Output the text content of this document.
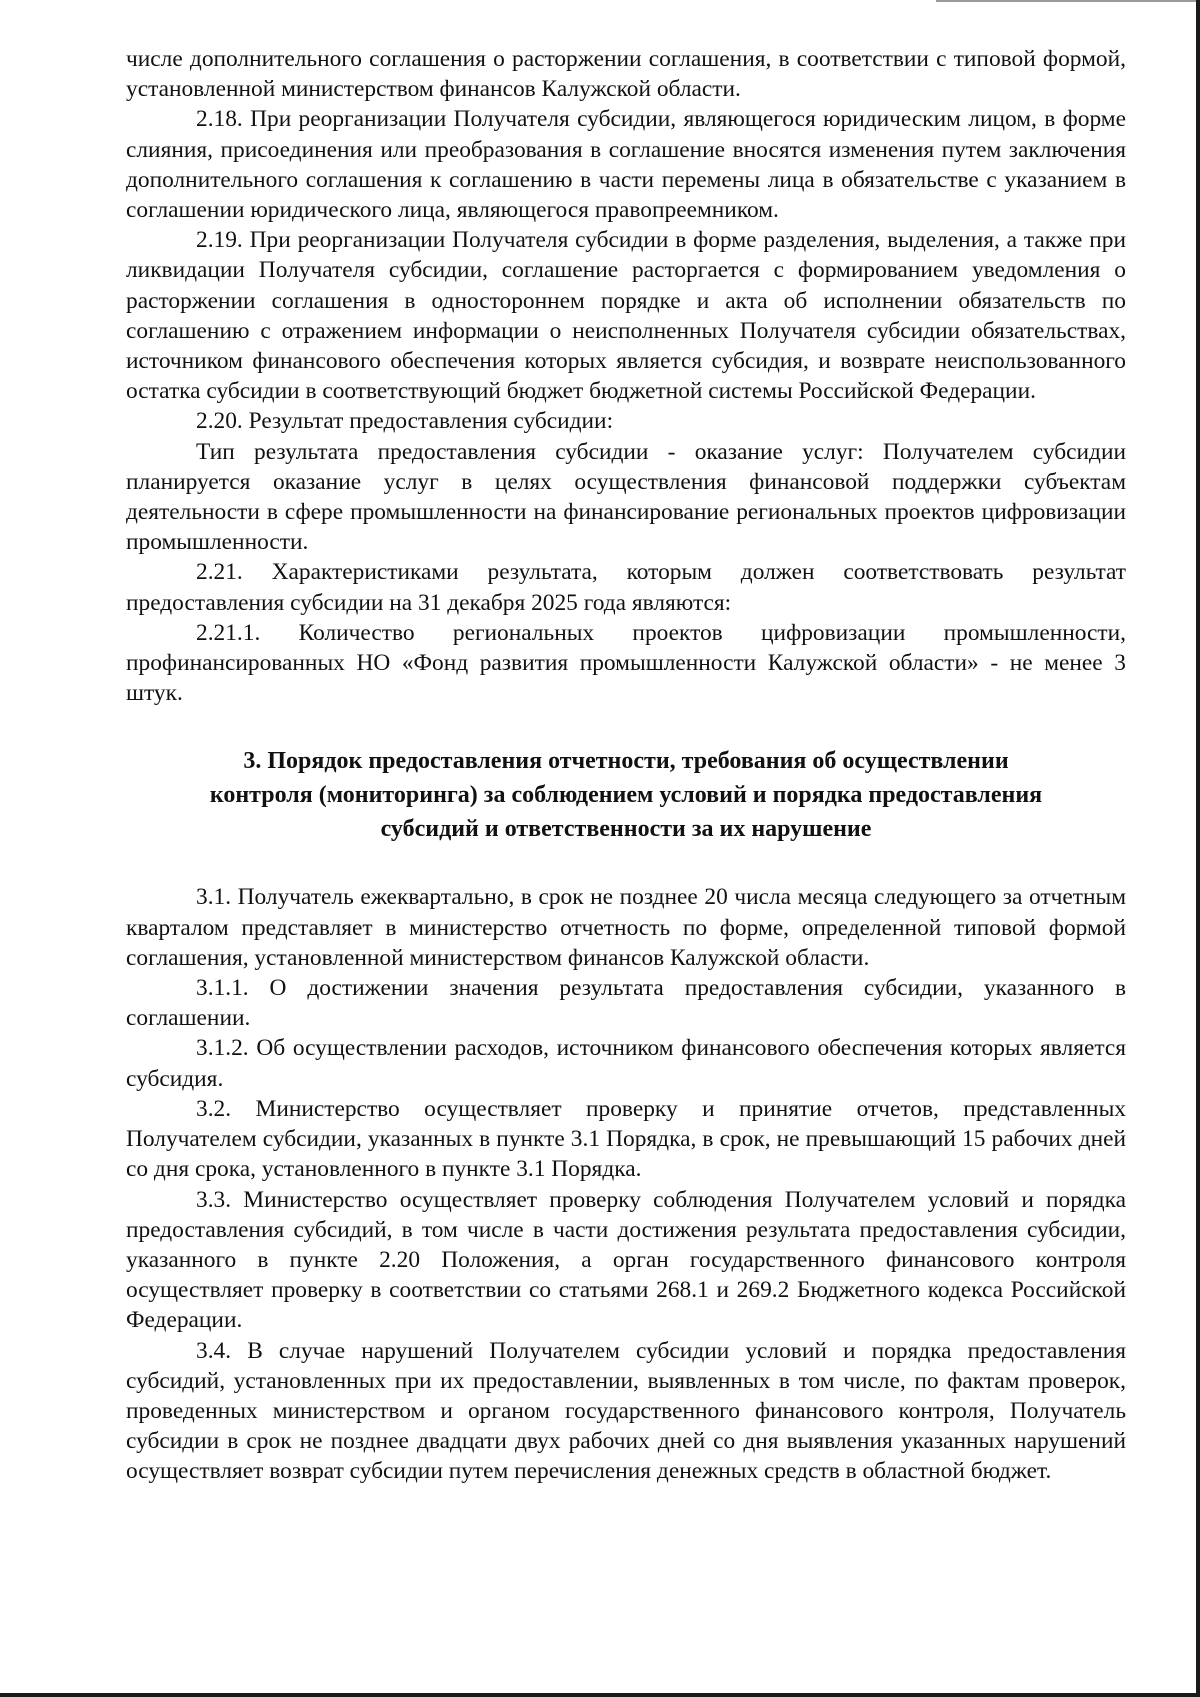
числе дополнительного соглашения о расторжении соглашения, в соответствии с типовой формой, установленной министерством финансов Калужской области.

2.18. При реорганизации Получателя субсидии, являющегося юридическим лицом, в форме слияния, присоединения или преобразования в соглашение вносятся изменения путем заключения дополнительного соглашения к соглашению в части перемены лица в обязательстве с указанием в соглашении юридического лица, являющегося правопреемником.

2.19. При реорганизации Получателя субсидии в форме разделения, выделения, а также при ликвидации Получателя субсидии, соглашение расторгается с формированием уведомления о расторжении соглашения в одностороннем порядке и акта об исполнении обязательств по соглашению с отражением информации о неисполненных Получателя субсидии обязательствах, источником финансового обеспечения которых является субсидия, и возврате неиспользованного остатка субсидии в соответствующий бюджет бюджетной системы Российской Федерации.

2.20. Результат предоставления субсидии:

Тип результата предоставления субсидии - оказание услуг: Получателем субсидии планируется оказание услуг в целях осуществления финансовой поддержки субъектам деятельности в сфере промышленности на финансирование региональных проектов цифровизации промышленности.

2.21. Характеристиками результата, которым должен соответствовать результат предоставления субсидии на 31 декабря 2025 года являются:

2.21.1. Количество региональных проектов цифровизации промышленности, профинансированных НО «Фонд развития промышленности Калужской области» - не менее 3 штук.

3. Порядок предоставления отчетности, требования об осуществлении
контроля (мониторинга) за соблюдением условий и порядка предоставления
субсидий и ответственности за их нарушение

3.1. Получатель ежеквартально, в срок не позднее 20 числа месяца следующего за отчетным кварталом представляет в министерство отчетность по форме, определенной типовой формой соглашения, установленной министерством финансов Калужской области.

3.1.1. О достижении значения результата предоставления субсидии, указанного в соглашении.

3.1.2. Об осуществлении расходов, источником финансового обеспечения которых является субсидия.

3.2. Министерство осуществляет проверку и принятие отчетов, представленных Получателем субсидии, указанных в пункте 3.1 Порядка, в срок, не превышающий 15 рабочих дней со дня срока, установленного в пункте 3.1 Порядка.

3.3. Министерство осуществляет проверку соблюдения Получателем условий и порядка предоставления субсидий, в том числе в части достижения результата предоставления субсидии, указанного в пункте 2.20 Положения, а орган государственного финансового контроля осуществляет проверку в соответствии со статьями 268.1 и 269.2 Бюджетного кодекса Российской Федерации.

3.4. В случае нарушений Получателем субсидии условий и порядка предоставления субсидий, установленных при их предоставлении, выявленных в том числе, по фактам проверок, проведенных министерством и органом государственного финансового контроля, Получатель субсидии в срок не позднее двадцати двух рабочих дней со дня выявления указанных нарушений осуществляет возврат субсидии путем перечисления денежных средств в областной бюджет.
